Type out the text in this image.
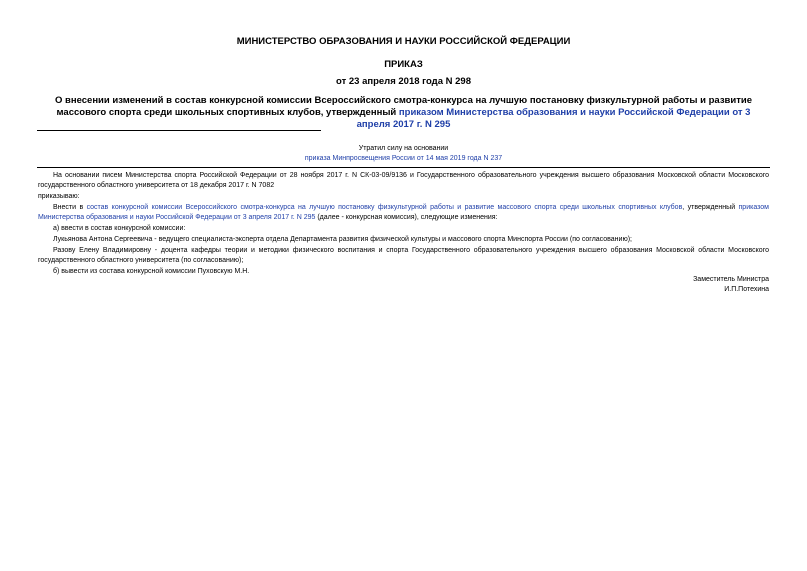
МИНИСТЕРСТВО ОБРАЗОВАНИЯ И НАУКИ РОССИЙСКОЙ ФЕДЕРАЦИИ
ПРИКАЗ
от 23 апреля 2018 года N 298
О внесении изменений в состав конкурсной комиссии Всероссийского смотра-конкурса на лучшую постановку физкультурной работы и развитие массового спорта среди школьных спортивных клубов, утвержденный приказом Министерства образования и науки Российской Федерации от 3 апреля 2017 г. N 295
Утратил силу на основании
приказа Минпросвещения России от 14 мая 2019 года N 237

На основании писем Министерства спорта Российской Федерации от 28 ноября 2017 г. N СК-03-09/9136 и Государственного образовательного учреждения высшего образования Московской области Московского государственного областного университета от 18 декабря 2017 г. N 7082

приказываю:

Внести в состав конкурсной комиссии Всероссийского смотра-конкурса на лучшую постановку физкультурной работы и развитие массового спорта среди школьных спортивных клубов, утвержденный приказом Министерства образования и науки Российской Федерации от 3 апреля 2017 г. N 295 (далее - конкурсная комиссия), следующие изменения:

а) ввести в состав конкурсной комиссии:

Лукьянова Антона Сергеевича - ведущего специалиста-эксперта отдела Департамента развития физической культуры и массового спорта Минспорта России (по согласованию);

Разову Елену Владимировну - доцента кафедры теории и методики физического воспитания и спорта Государственного образовательного учреждения высшего образования Московской области Московского государственного областного университета (по согласованию);

б) вывести из состава конкурсной комиссии Пуховскую М.Н.

Заместитель Министра
И.П.Потехина
